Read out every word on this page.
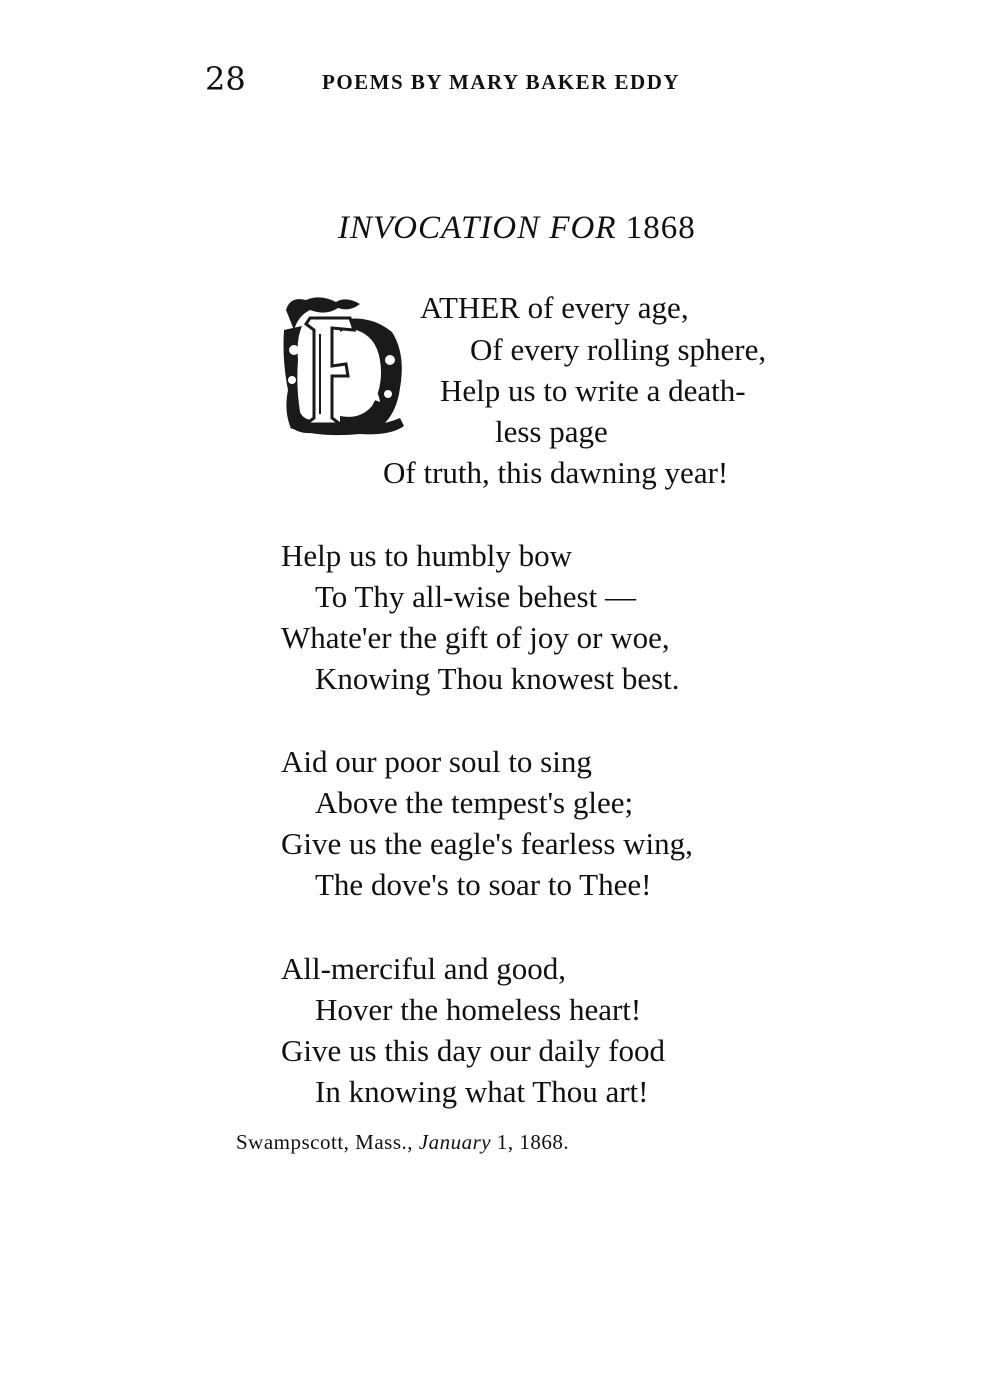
28	POEMS BY MARY BAKER EDDY
INVOCATION FOR 1868
ATHER of every age,
Of every rolling sphere,
Help us to write a death-
less page
Of truth, this dawning year!
Help us to humbly bow
To Thy all-wise behest —
Whate'er the gift of joy or woe,
Knowing Thou knowest best.
Aid our poor soul to sing
Above the tempest's glee;
Give us the eagle's fearless wing,
The dove's to soar to Thee!
All-merciful and good,
Hover the homeless heart!
Give us this day our daily food
In knowing what Thou art!
Swampscott, Mass., January 1, 1868.
